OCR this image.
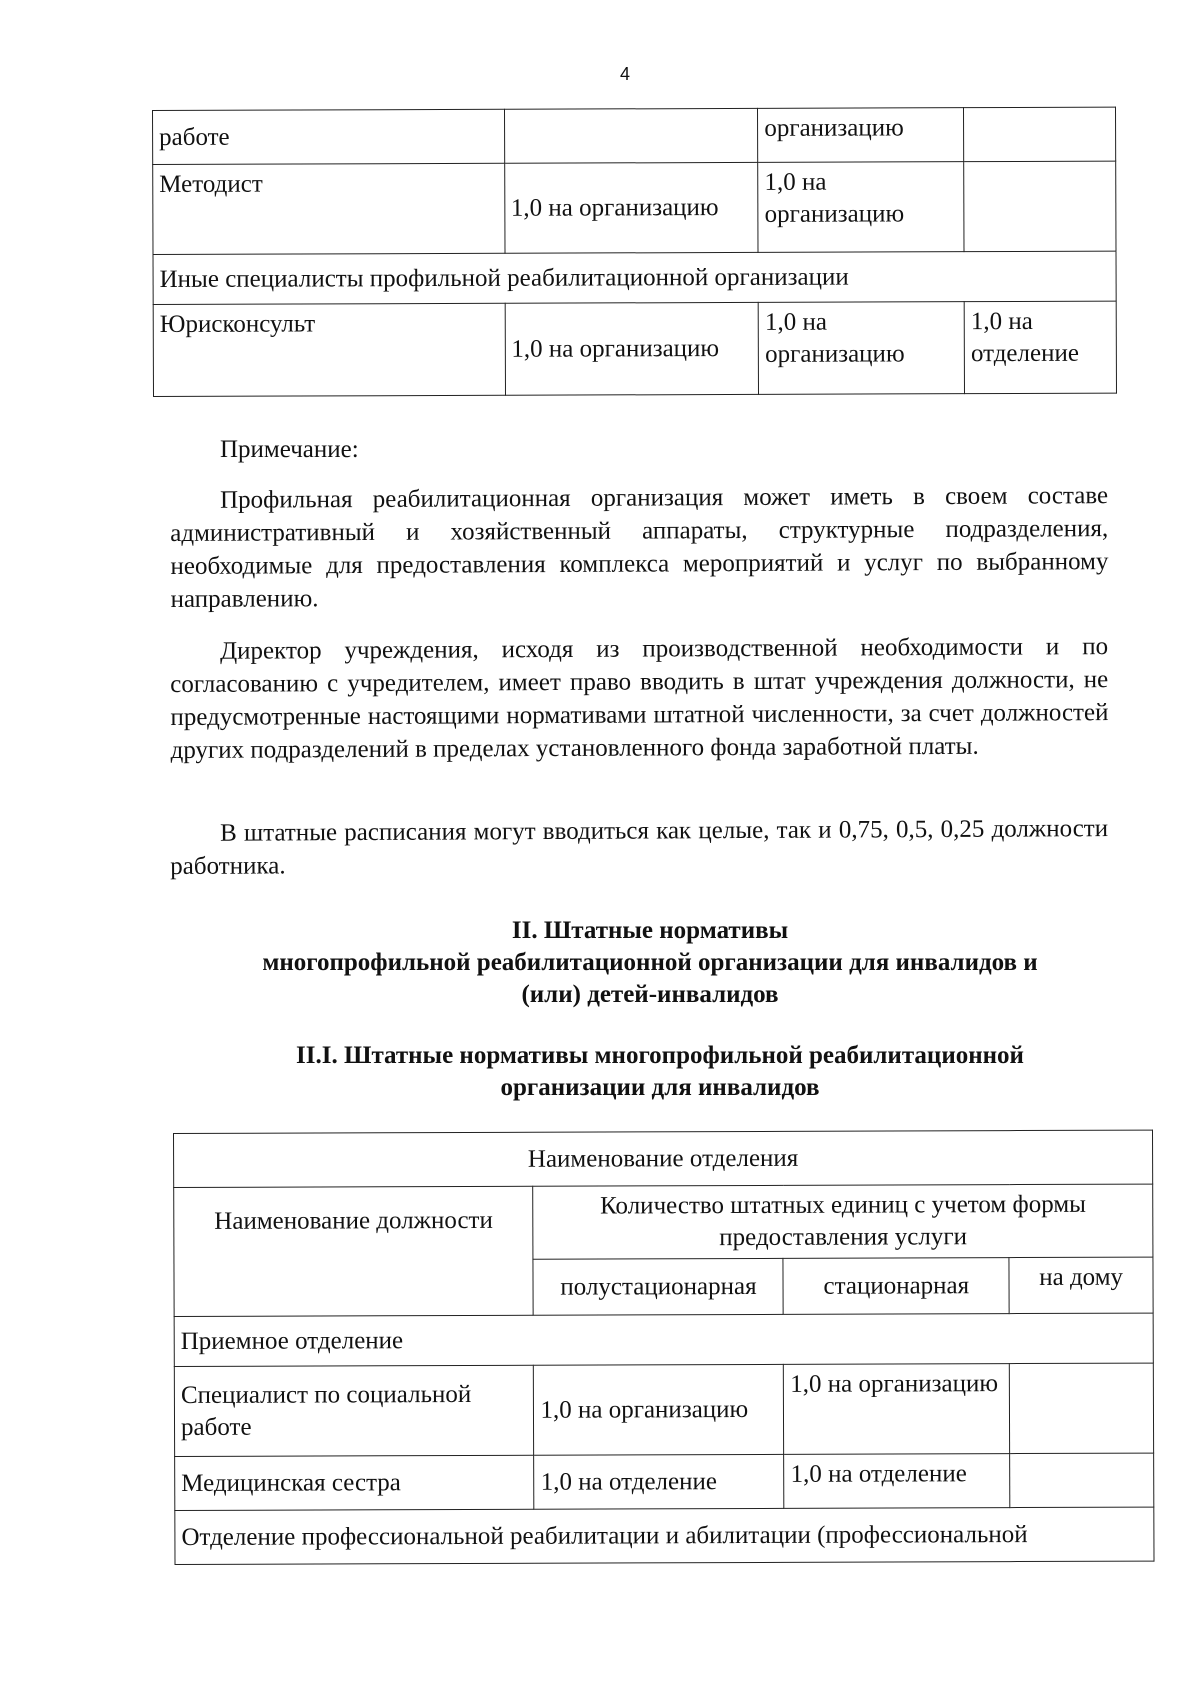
4
работе		организацию	
Методист	1,0 на организацию	1,0 на организацию	
Иные специалисты профильной реабилитационной организации			
Юрисконсульт	1,0 на организацию	1,0 на организацию	1,0 на отделение
Примечание:

Профильная реабилитационная организация может иметь в своем составе административный и хозяйственный аппараты, структурные подразделения, необходимые для предоставления комплекса мероприятий и услуг по выбранному направлению.

Директор учреждения, исходя из производственной необходимости и по согласованию с учредителем, имеет право вводить в штат учреждения должности, не предусмотренные настоящими нормативами штатной численности, за счет должностей других подразделений в пределах установленного фонда заработной платы.

В штатные расписания могут вводиться как целые, так и 0,75, 0,5, 0,25 должности работника.

II. Штатные нормативы
многопрофильной реабилитационной организации для инвалидов и
(или) детей-инвалидов
II.I. Штатные нормативы многопрофильной реабилитационной
организации для инвалидов
Наименование отделения			
Наименование должности	Количество штатных единиц с учетом формы предоставления услуги		
	полустационарная	стационарная	на дому
Приемное отделение			
Специалист по социальной работе	1,0 на организацию	1,0 на организацию	
Медицинская сестра	1,0 на отделение	1,0 на отделение	
Отделение профессиональной реабилитации и абилитации (профессиональной			
